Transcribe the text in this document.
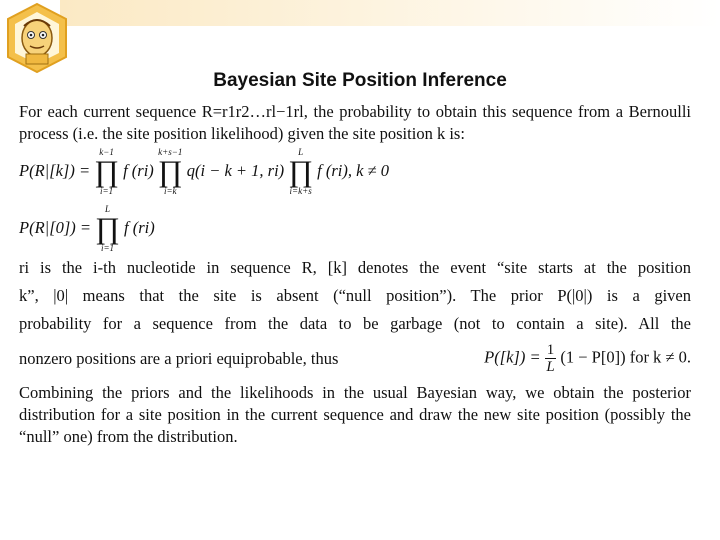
Bayesian Site Position Inference
For each current sequence R=r1r2…rl−1rl, the probability to obtain this sequence from a Bernoulli process (i.e. the site position likelihood) given the site position k is:
P(R|[k]) =
k−1
∏
i=1
f (ri)
k+s−1
∏
i=k
q(i − k + 1, ri)
L
∏
i=k+s
f (ri), k ≠ 0
P(R|[0]) =
L
∏
i=1
f (ri)
ri is the i-th nucleotide in sequence R, [k] denotes the event “site starts at the position
k”, |0| means that the site is absent (“null position”). The prior P(|0|) is a given
probability for a sequence from the data to be garbage (not to contain a site). All the
nonzero positions are a priori equiprobable, thus	$P([k]) = \frac{1}{L} (1 - P[0])$ for k ≠ 0.
Combining the priors and the likelihoods in the usual Bayesian way, we obtain the posterior distribution for a site position in the current sequence and draw the new site position (possibly the “null” one) from the distribution.
